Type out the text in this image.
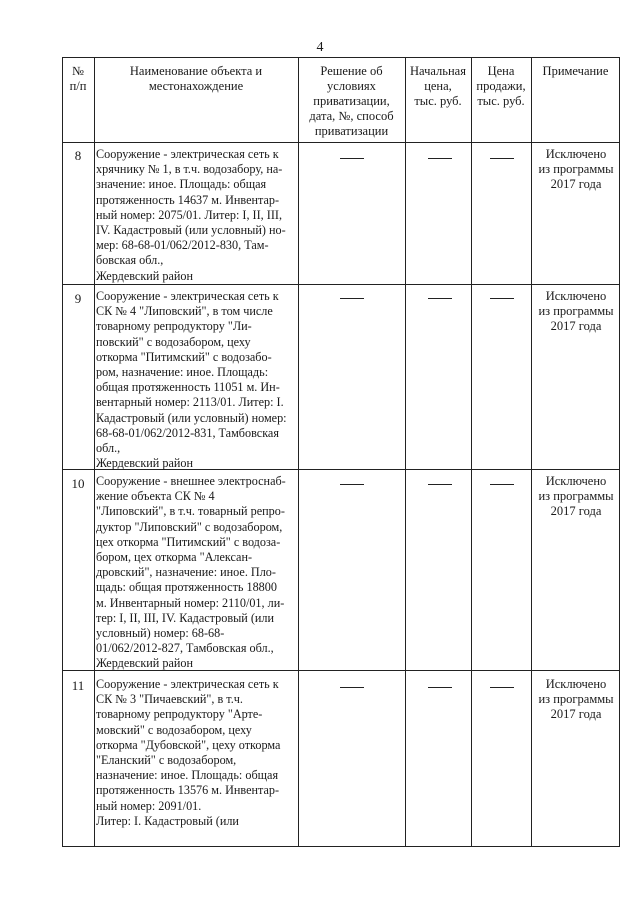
4
№
п/п
Наименование объекта и
местонахождение
Решение об
условиях
приватизации,
дата, №, способ
приватизации
Начальная
цена,
тыс. руб.
Цена
продажи,
тыс. руб.
Примечание
8	Сооружение - электрическая сеть к
хрячнику № 1, в т.ч. водозабору, на-
значение: иное. Площадь: общая
протяженность 14637 м. Инвентар-
ный номер: 2075/01. Литер: I, II, III,
IV. Кадастровый (или условный) но-
мер: 68-68-01/062/2012-830, Там-
бовская обл.,
Жердевский район
Исключено
из программы
2017 года
9	Сооружение - электрическая сеть к
СК № 4 "Липовский", в том числе
товарному репродуктору "Ли-
повский" с водозабором, цеху
откорма "Питимский" с водозабо-
ром, назначение: иное. Площадь:
общая протяженность 11051 м. Ин-
вентарный номер: 2113/01. Литер: I.
Кадастровый (или условный) номер:
68-68-01/062/2012-831, Тамбовская
обл.,
Жердевский район
Исключено
из программы
2017 года
10 Сооружение - внешнее электроснаб-
жение объекта СК № 4
"Липовский", в т.ч. товарный репро-
дуктор "Липовский" с водозабором,
цех откорма "Питимский" с водоза-
бором, цех откорма "Алексан-
дровский", назначение: иное. Пло-
щадь: общая протяженность 18800
м. Инвентарный номер: 2110/01, ли-
тер: I, II, III, IV. Кадастровый (или
условный) номер: 68-68-
01/062/2012-827, Тамбовская обл.,
Жердевский район
Исключено
из программы
2017 года
11 Сооружение - электрическая сеть к
СК № 3 "Пичаевский", в т.ч.
товарному репродуктору "Арте-
мовский" с водозабором, цеху
откорма "Дубовской", цеху откорма
"Еланский" с водозабором,
назначение: иное. Площадь: общая
протяженность 13576 м. Инвентар-
ный номер: 2091/01.
Литер: I. Кадастровый (или
Исключено
из программы
2017 года
